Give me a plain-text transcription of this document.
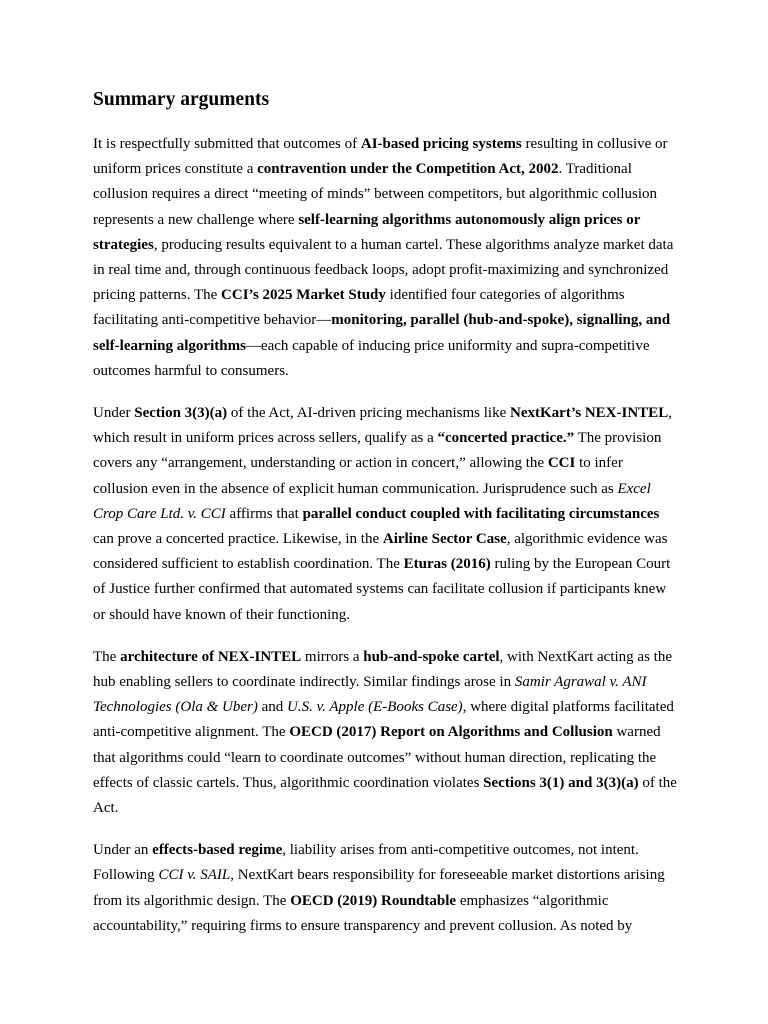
Summary arguments

It is respectfully submitted that outcomes of AI-based pricing systems resulting in collusive or uniform prices constitute a contravention under the Competition Act, 2002. Traditional collusion requires a direct “meeting of minds” between competitors, but algorithmic collusion represents a new challenge where self-learning algorithms autonomously align prices or strategies, producing results equivalent to a human cartel. These algorithms analyze market data in real time and, through continuous feedback loops, adopt profit-maximizing and synchronized pricing patterns. The CCI’s 2025 Market Study identified four categories of algorithms facilitating anti-competitive behavior—monitoring, parallel (hub-and-spoke), signalling, and self-learning algorithms—each capable of inducing price uniformity and supra-competitive outcomes harmful to consumers.

Under Section 3(3)(a) of the Act, AI-driven pricing mechanisms like NextKart’s NEX-INTEL, which result in uniform prices across sellers, qualify as a “concerted practice.” The provision covers any “arrangement, understanding or action in concert,” allowing the CCI to infer collusion even in the absence of explicit human communication. Jurisprudence such as Excel Crop Care Ltd. v. CCI affirms that parallel conduct coupled with facilitating circumstances can prove a concerted practice. Likewise, in the Airline Sector Case, algorithmic evidence was considered sufficient to establish coordination. The Eturas (2016) ruling by the European Court of Justice further confirmed that automated systems can facilitate collusion if participants knew or should have known of their functioning.

The architecture of NEX-INTEL mirrors a hub-and-spoke cartel, with NextKart acting as the hub enabling sellers to coordinate indirectly. Similar findings arose in Samir Agrawal v. ANI Technologies (Ola & Uber) and U.S. v. Apple (E-Books Case), where digital platforms facilitated anti-competitive alignment. The OECD (2017) Report on Algorithms and Collusion warned that algorithms could “learn to coordinate outcomes” without human direction, replicating the effects of classic cartels. Thus, algorithmic coordination violates Sections 3(1) and 3(3)(a) of the Act.

Under an effects-based regime, liability arises from anti-competitive outcomes, not intent. Following CCI v. SAIL, NextKart bears responsibility for foreseeable market distortions arising from its algorithmic design. The OECD (2019) Roundtable emphasizes “algorithmic accountability,” requiring firms to ensure transparency and prevent collusion. As noted by
